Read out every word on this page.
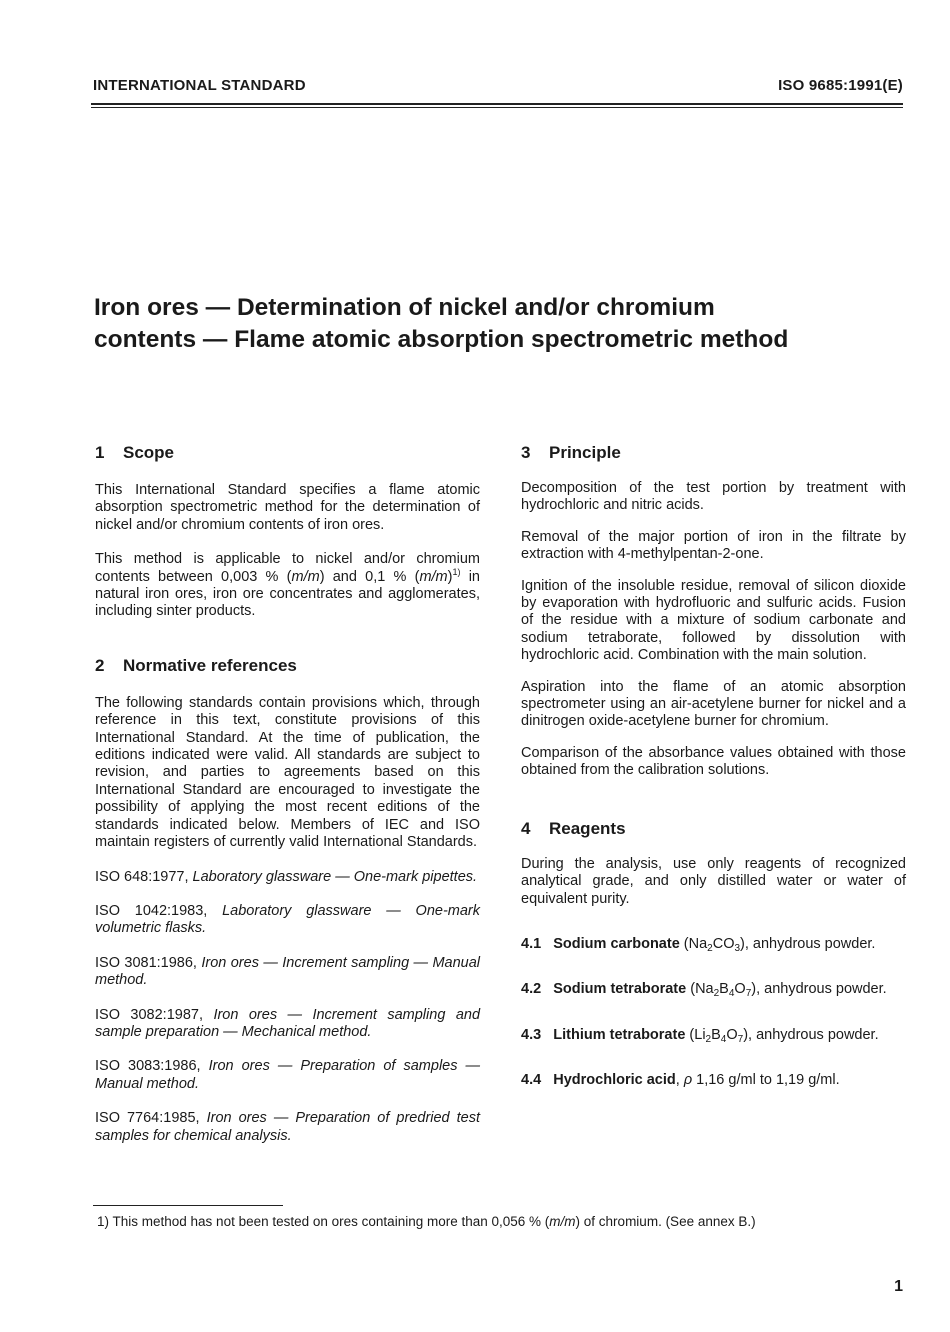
INTERNATIONAL STANDARD	ISO 9685:1991(E)
Iron ores — Determination of nickel and/or chromium
contents — Flame atomic absorption spectrometric method
1 Scope

This International Standard specifies a flame atomic absorption spectrometric method for the determination of nickel and/or chromium contents of iron ores.

This method is applicable to nickel and/or chromium contents between 0,003 % (m/m) and 0,1 % $(m/m)^{1)}$ in natural iron ores, iron ore concentrates and agglomerates, including sinter products.

2 Normative references

The following standards contain provisions which, through reference in this text, constitute provisions of this International Standard. At the time of publication, the editions indicated were valid. All standards are subject to revision, and parties to agreements based on this International Standard are encouraged to investigate the possibility of applying the most recent editions of the standards indicated below. Members of IEC and ISO maintain registers of currently valid International Standards.

ISO 648:1977, Laboratory glassware — One-mark pipettes.

ISO 1042:1983, Laboratory glassware — One-mark volumetric flasks.

ISO 3081:1986, Iron ores — Increment sampling — Manual method.

ISO 3082:1987, Iron ores — Increment sampling and sample preparation — Mechanical method.

ISO 3083:1986, Iron ores — Preparation of samples — Manual method.

ISO 7764:1985, Iron ores — Preparation of predried test samples for chemical analysis.

3 Principle

Decomposition of the test portion by treatment with hydrochloric and nitric acids.

Removal of the major portion of iron in the filtrate by extraction with 4-methylpentan-2-one.

Ignition of the insoluble residue, removal of silicon dioxide by evaporation with hydrofluoric and sulfuric acids. Fusion of the residue with a mixture of sodium carbonate and sodium tetraborate, followed by dissolution with hydrochloric acid. Combination with the main solution.

Aspiration into the flame of an atomic absorption spectrometer using an air-acetylene burner for nickel and a dinitrogen oxide-acetylene burner for chromium.

Comparison of the absorbance values obtained with those obtained from the calibration solutions.

4 Reagents

During the analysis, use only reagents of recognized analytical grade, and only distilled water or water of equivalent purity.

4.1 Sodium carbonate $(Na_2CO_3)$, anhydrous powder.

4.2 Sodium tetraborate $(Na_2B_4O_7)$, anhydrous powder.

4.3 Lithium tetraborate $(Li_2B_4O_7)$, anhydrous powder.

4.4 Hydrochloric acid, ρ 1,16 g/ml to 1,19 g/ml.

1) This method has not been tested on ores containing more than 0,056 % (m/m) of chromium. (See annex B.)
1
